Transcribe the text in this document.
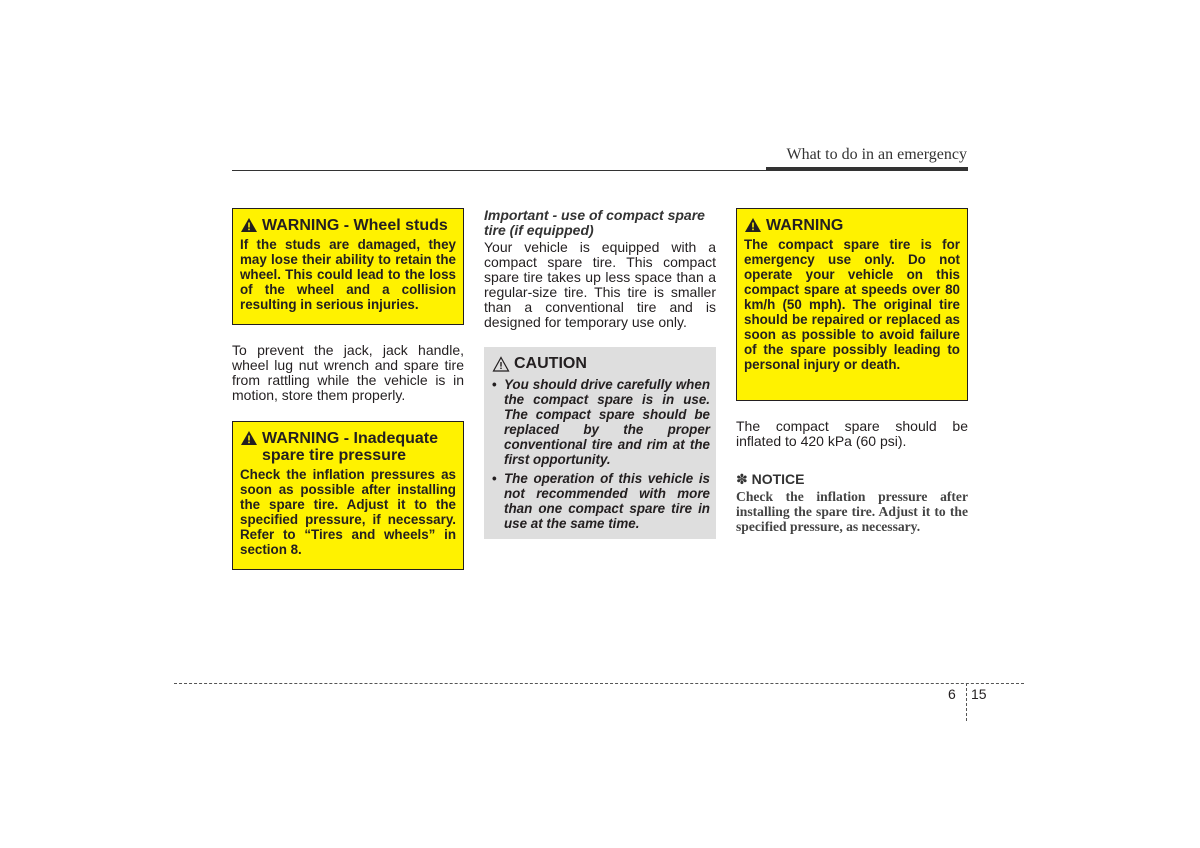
What to do in an emergency
WARNING - Wheel studs

If the studs are damaged, they may lose their ability to retain the wheel. This could lead to the loss of the wheel and a collision resulting in serious injuries.

To prevent the jack, jack handle, wheel lug nut wrench and spare tire from rattling while the vehicle is in motion, store them properly.

WARNING - Inadequate spare tire pressure

Check the inflation pressures as soon as possible after installing the spare tire. Adjust it to the specified pressure, if necessary. Refer to “Tires and wheels” in section 8.

Important - use of compact spare tire (if equipped)

Your vehicle is equipped with a compact spare tire. This compact spare tire takes up less space than a regular-size tire. This tire is smaller than a conventional tire and is designed for temporary use only.

CAUTION
• You should drive carefully when the compact spare is in use. The compact spare should be replaced by the proper conventional tire and rim at the first opportunity.
• The operation of this vehicle is not recommended with more than one compact spare tire in use at the same time.
WARNING

The compact spare tire is for emergency use only. Do not operate your vehicle on this compact spare at speeds over 80 km/h (50 mph). The original tire should be repaired or replaced as soon as possible to avoid failure of the spare possibly leading to personal injury or death.

The compact spare should be inflated to 420 kPa (60 psi).

✽ NOTICE

Check the inflation pressure after installing the spare tire. Adjust it to the specified pressure, as necessary.

6 15
